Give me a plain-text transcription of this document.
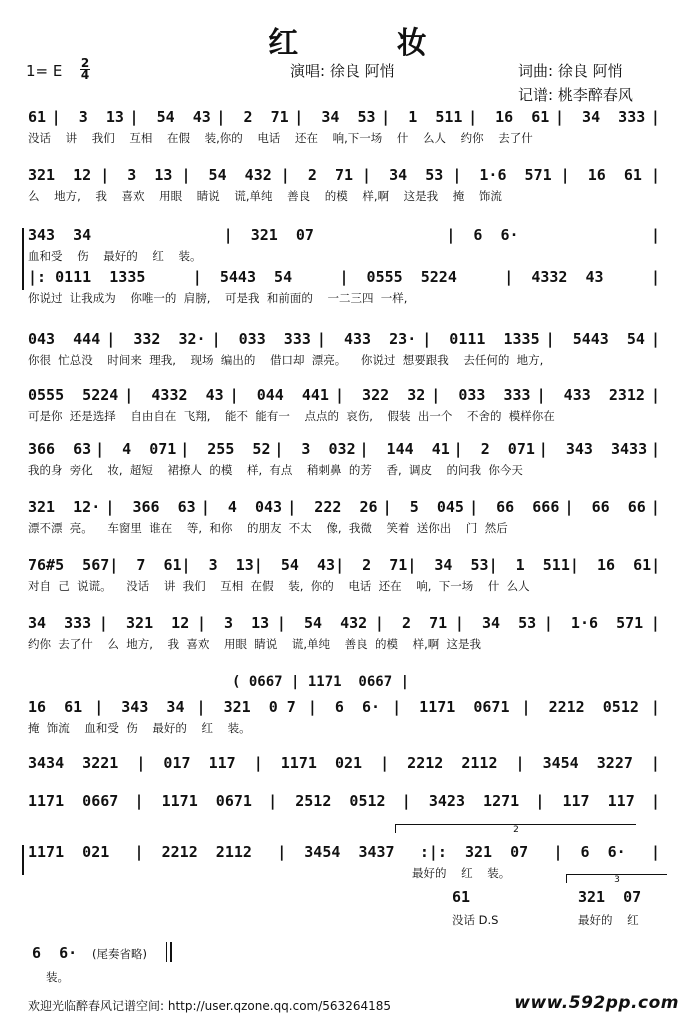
红 妆
1= E 2
4	演唱: 徐良 阿悄	词曲: 徐良 阿悄
记谱: 桃李醉春风
61 |  3  13 |  54  43 |  2  71 |  34  53 |  1  511 |  16  61 |  34  333 |
没话    讲    我们    互相    在假    装,你的    电话    还在    响,下一场    什    么人    约你    去了什
321  12 |  3  13 |  54  432 |  2  71 |  34  53 |  1·6  571 |  16  61 |
么    地方,    我    喜欢    用眼    睛说    谎,单纯    善良    的模    样,啊    这是我    掩    饰流
343  34	|  321  07	|  6  6·	|
血和受    伤    最好的    红    装。
|: 0111  1335	|  5443  54	|  0555  5224	|  4332  43	|
你说过  让我成为    你唯一的  肩膀,    可是我  和前面的    一二三四  一样,
043  444 |  332  32· |  033  333 |  433  23· |  0111  1335 |  5443  54 |
你很  忙总没    时间来  理我,    现场  编出的    借口却  漂亮。    你说过  想要跟我    去任何的  地方,
0555  5224 |  4332  43 |  044  441 |  322  32 |  033  333 |  433  2312 |
可是你  还是选择    自由自在  飞翔,    能不  能有一    点点的  哀伤,    假装  出一个    不舍的  模样你在
366  63 |  4  071 |  255  52 |  3  032 |  144  41 |  2  071 |  343  3433 |
我的身  旁化    妆,  超短    裙撩人  的模    样,  有点    稍刺鼻  的芳    香,  调皮    的问我  你今天
321  12· |  366  63 |  4  043 |  222  26 |  5  045 |  66  666 |  66  66 |
漂不漂  亮。    车窗里  谁在    等,  和你    的朋友  不太    像,  我微    笑着  送你出    门  然后
76#5  567 |  7  61 |  3  13 |  54  43 |  2  71 |  34  53 |  1  511 |  16  61 |
对自  己  说谎。    没话    讲  我们    互相  在假    装,  你的    电话  还在    响,  下一场    什  么人
34  333 |  321  12 |  3  13 |  54  432 |  2  71 |  34  53 |  1·6  571 |
约你  去了什    么  地方,    我  喜欢    用眼  睛说    谎,单纯    善良  的模    样,啊  这是我
16  61 |  343  34 |  321  0 7 |  6  6· |  1171  0671 |  2212  0512 |
掩  饰流    血和受  伤    最好的    红    装。
3434  3221 |  017  117 |  1171  021 |  2212  2112 |  3454  3227 |
1171  0667 |  1171  0671 |  2512  0512 |  3423  1271 |  117  117 |
1171  021 |  2212  2112 |  3454  3437 :|:  321  07 |  6  6· |
最好的    红    装。
( 0667 | 1171  0667 |
2
3
61
没话 D.S
321  07
最好的    红
6  6· (尾奏省略)
装。
欢迎光临醉春风记谱空间: http://user.qzone.qq.com/563264185	www.592pp.com
